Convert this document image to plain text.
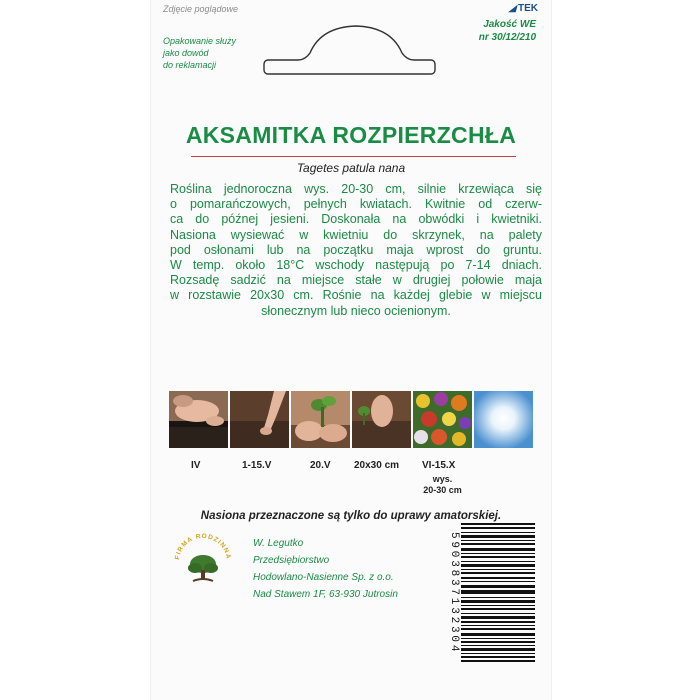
Zdjęcie poglądowe
Opakowanie służy
jako dowód
do reklamacji
◢TEK
Jakość WE
nr 30/12/210
AKSAMITKA ROZPIERZCHŁA
Tagetes patula nana
Roślina jednoroczna wys. 20-30 cm, silnie krzewiąca się
o pomarańczowych, pełnych kwiatach. Kwitnie od czerw-
ca do późnej jesieni. Doskonała na obwódki i kwietniki.
Nasiona wysiewać w kwietniu do skrzynek, na palety
pod osłonami lub na początku maja wprost do gruntu.
W temp. około 18°C wschody następują po 7-14 dniach.
Rozsadę sadzić na miejsce stałe w drugiej połowie maja
w rozstawie 20x30 cm. Rośnie na każdej glebie w miejscu
słonecznym lub nieco ocienionym.
IV	1-15.V	20.V 20x30 cm VI-15.X
wys.
20-30 cm
Nasiona przeznaczone są tylko do uprawy amatorskiej.
FIRMA RODZINNA
W. Legutko
Przedsiębiorstwo
Hodowlano-Nasienne Sp. z o.o.
Nad Stawem 1F, 63-930 Jutrosin	5903837132304
